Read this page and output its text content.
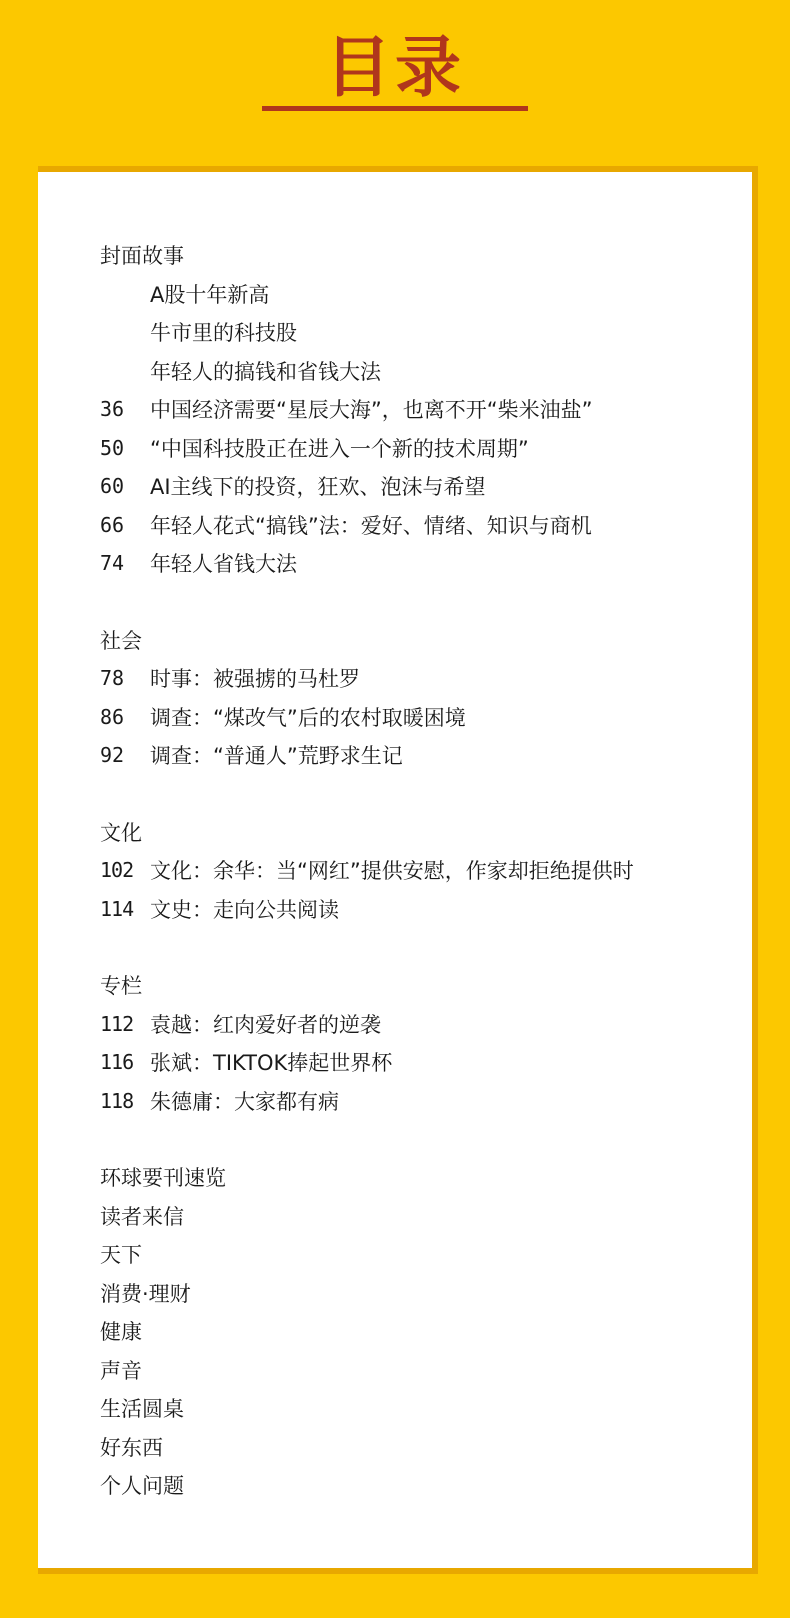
目录
封面故事
A股十年新高
牛市里的科技股
年轻人的搞钱和省钱大法
36	中国经济需要“星辰大海”，也离不开“柴米油盐”
50	“中国科技股正在进入一个新的技术周期”
60	AI主线下的投资，狂欢、泡沫与希望
66	年轻人花式“搞钱”法：爱好、情绪、知识与商机
74	年轻人省钱大法
社会
78	时事：被强掳的马杜罗
86	调查：“煤改气”后的农村取暖困境
92	调查：“普通人”荒野求生记
文化
102 文化：余华：当“网红”提供安慰，作家却拒绝提供时
114 文史：走向公共阅读
专栏
112 袁越：红肉爱好者的逆袭
116 张斌：TIKTOK捧起世界杯
118 朱德庸：大家都有病
环球要刊速览
读者来信
天下
消费·理财
健康
声音
生活圆桌
好东西
个人问题
